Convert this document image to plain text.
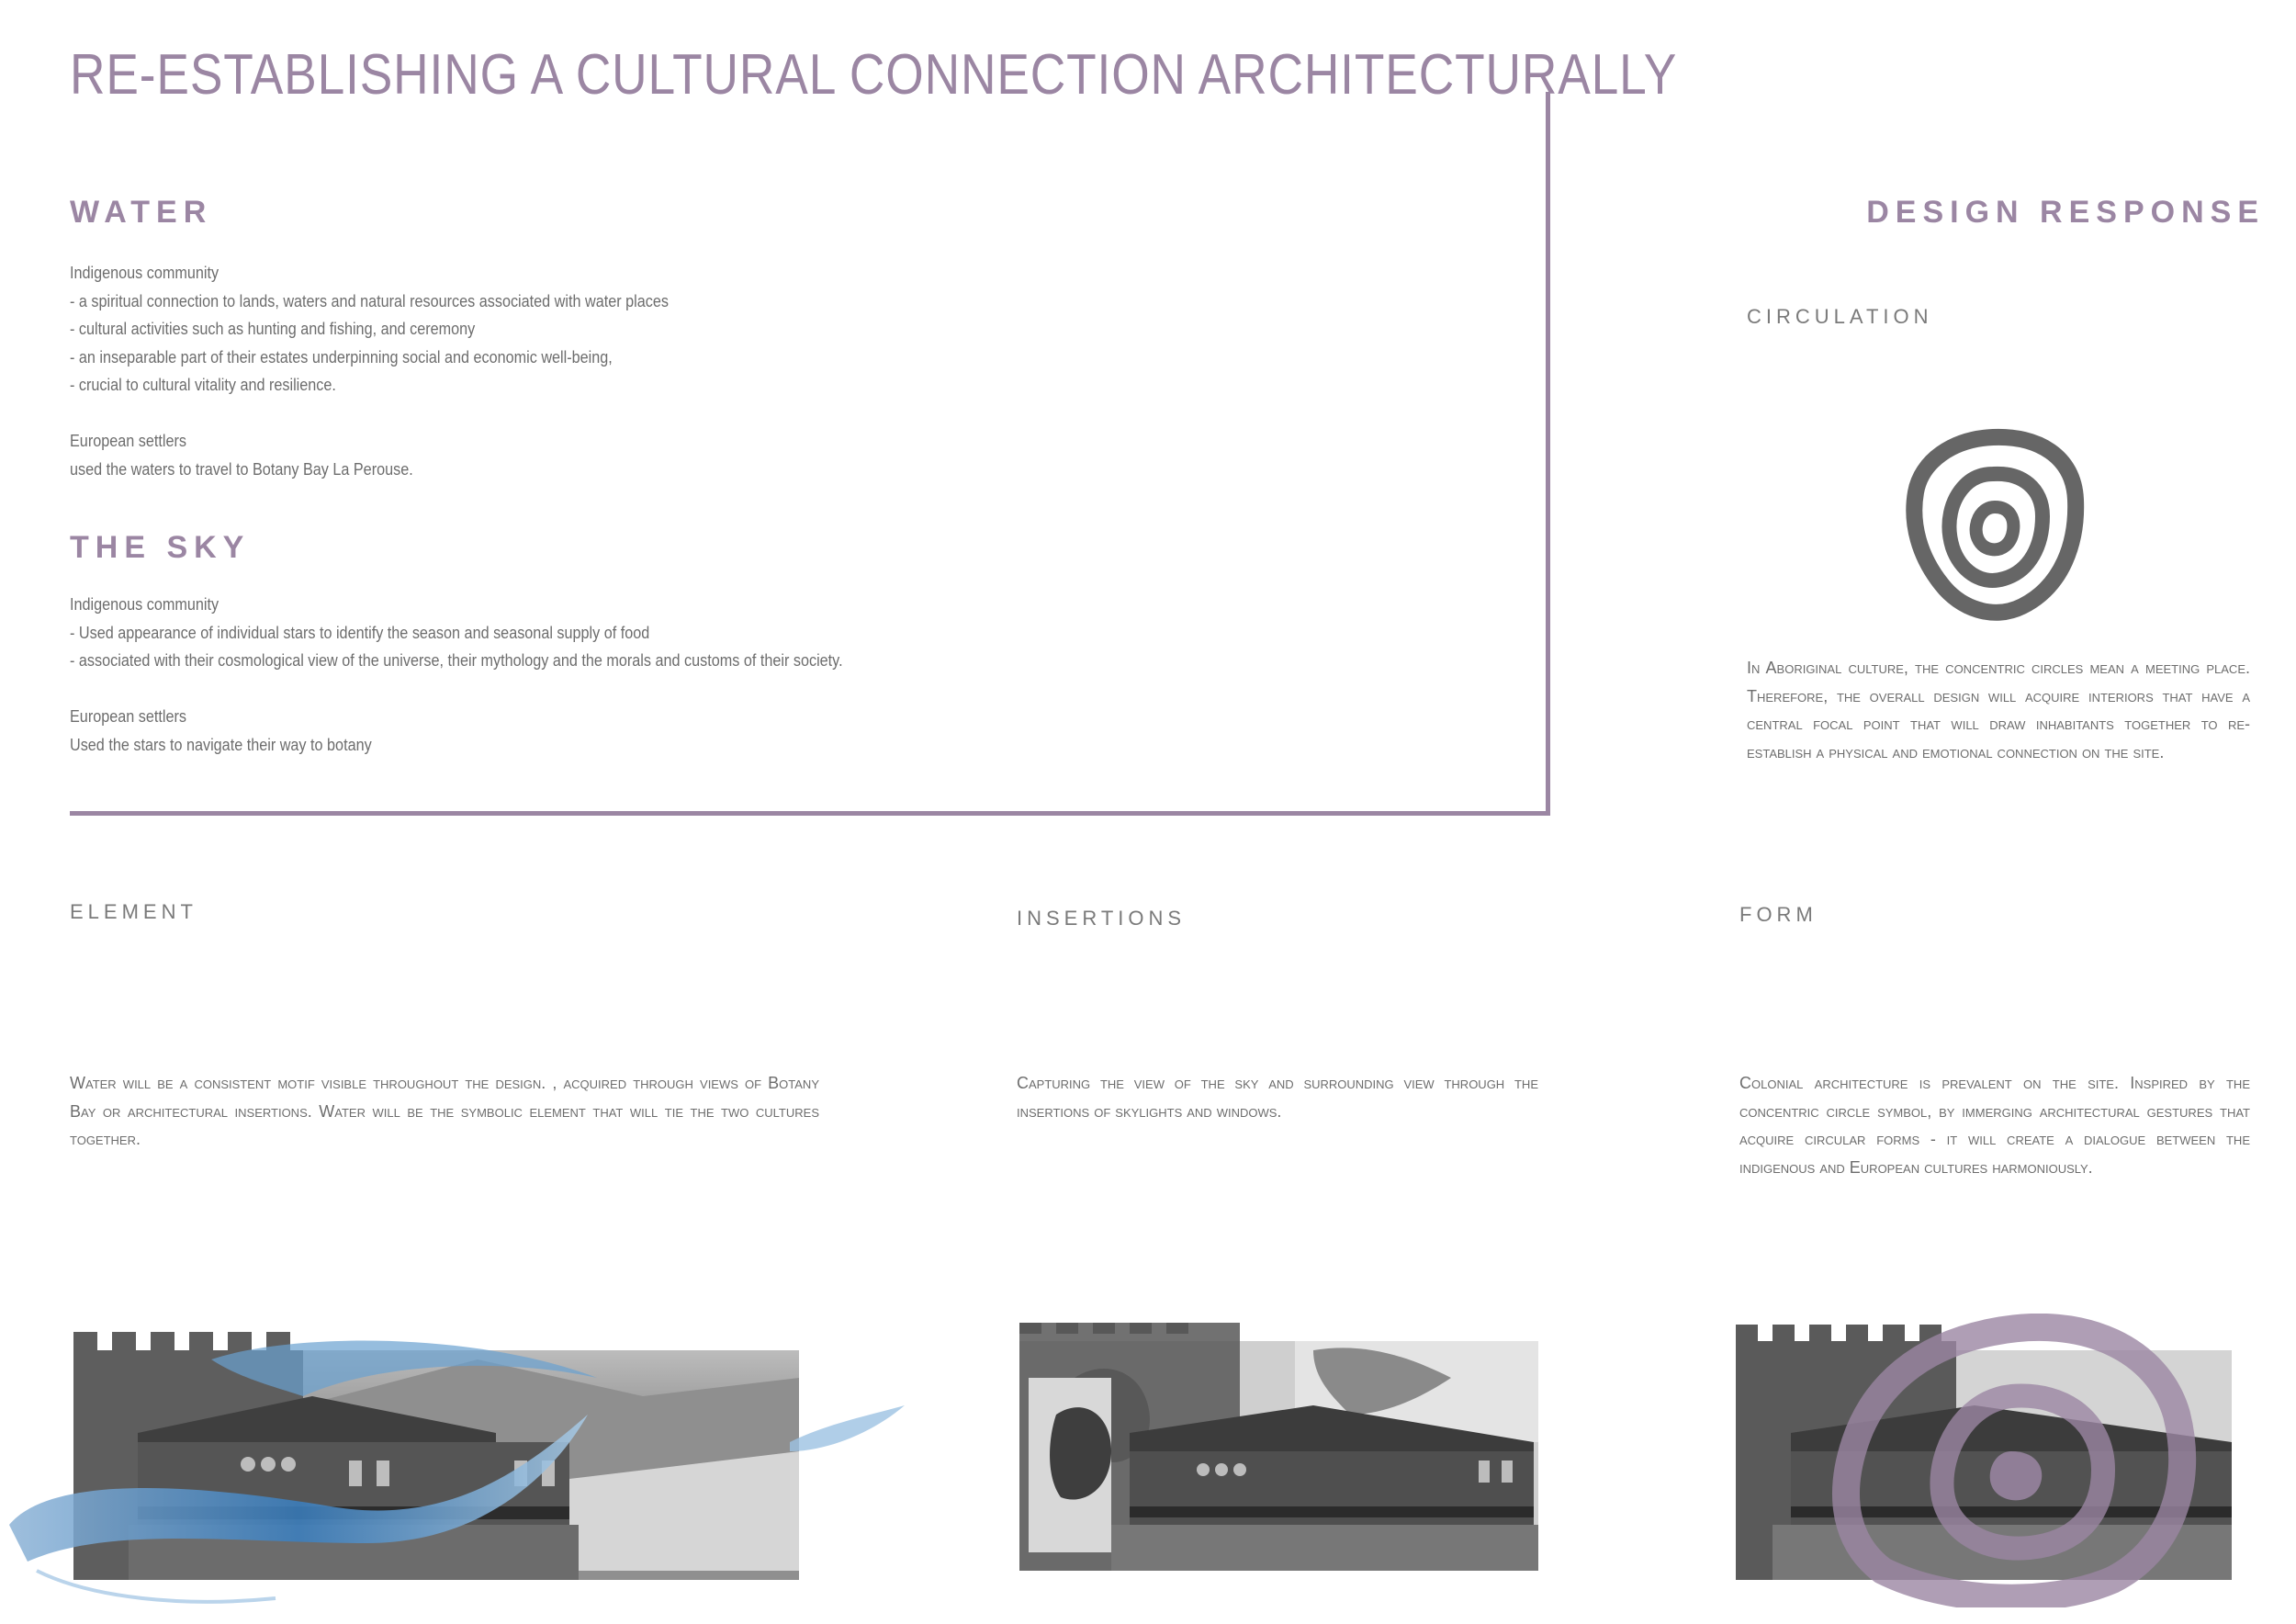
RE-ESTABLISHING A CULTURAL CONNECTION ARCHITECTURALLY
WATER
Indigenous community
- a spiritual connection to lands, waters and natural resources associated with water places
- cultural activities such as hunting and fishing, and ceremony
- an inseparable part of their estates underpinning social and economic well-being,
- crucial to cultural vitality and resilience.
European settlers
used the waters to travel to Botany Bay La Perouse.
THE SKY
Indigenous community
- Used appearance of individual stars to identify the season and seasonal supply of food
- associated with their cosmological view of the universe, their mythology and the morals and customs of their society.
European settlers
Used the stars to navigate their way to botany
DESIGN RESPONSE
CIRCULATION

In Aboriginal culture, the concentric circles mean a meeting place. Therefore, the overall design will acquire interiors that have a central focal point that will draw inhabitants together to re-establish a physical and emotional connection on the site.

ELEMENT	INSERTIONS	FORM

Water will be a consistent motif visible throughout the design. , acquired through views of Botany Bay or architectural insertions. Water will be the symbolic element that will tie the two cultures together.

Capturing the view of the sky and surrounding view through the insertions of skylights and windows.

Colonial architecture is prevalent on the site. Inspired by the concentric circle symbol, by immerging architectural gestures that acquire circular forms - it will create a dialogue between the indigenous and European cultures harmoniously.
